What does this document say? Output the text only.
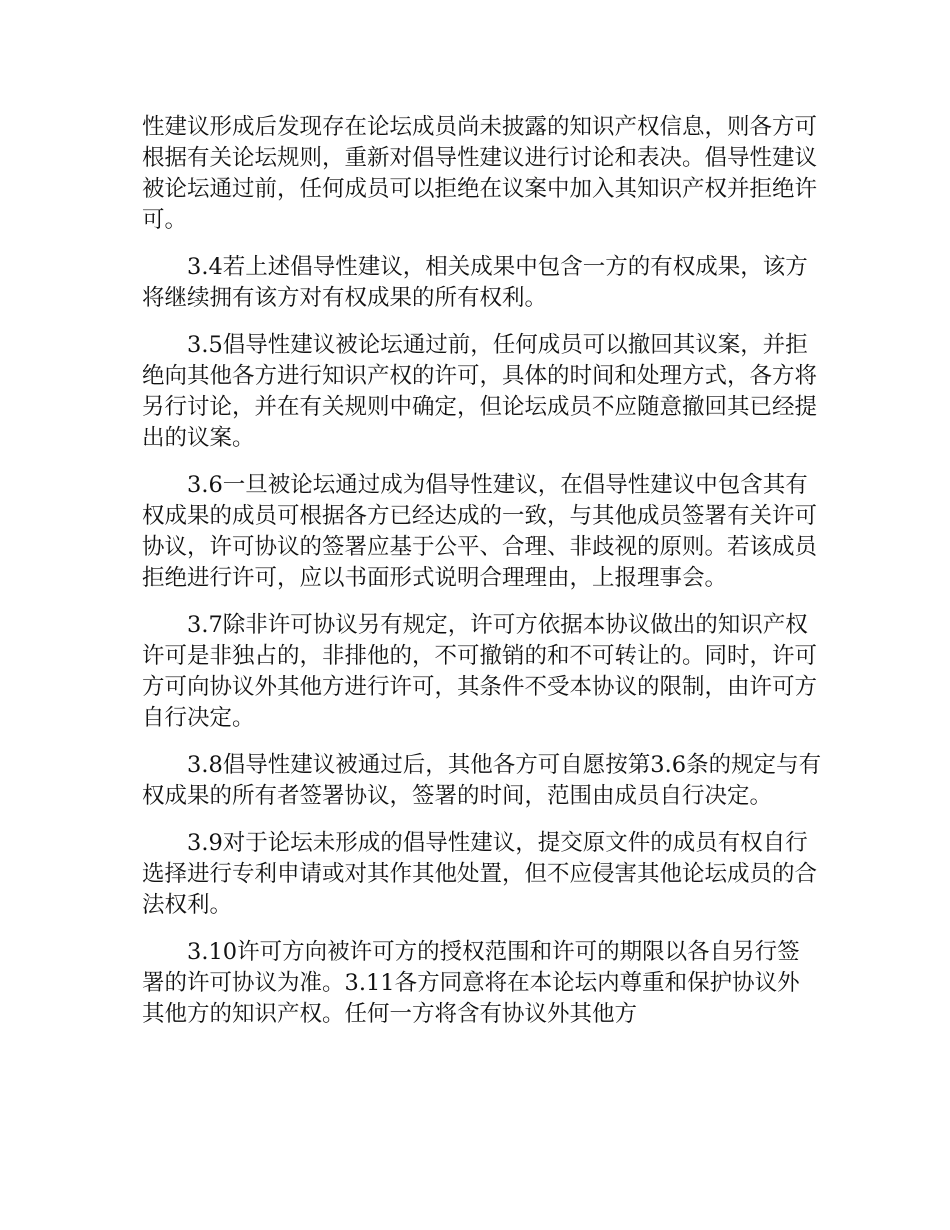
性建议形成后发现存在论坛成员尚未披露的知识产权信息，则各方可根据有关论坛规则，重新对倡导性建议进行讨论和表决。倡导性建议被论坛通过前，任何成员可以拒绝在议案中加入其知识产权并拒绝许可。

3.4若上述倡导性建议，相关成果中包含一方的有权成果，该方将继续拥有该方对有权成果的所有权利。

3.5倡导性建议被论坛通过前，任何成员可以撤回其议案，并拒绝向其他各方进行知识产权的许可，具体的时间和处理方式，各方将另行讨论，并在有关规则中确定，但论坛成员不应随意撤回其已经提出的议案。

3.6一旦被论坛通过成为倡导性建议，在倡导性建议中包含其有权成果的成员可根据各方已经达成的一致，与其他成员签署有关许可协议，许可协议的签署应基于公平、合理、非歧视的原则。若该成员拒绝进行许可，应以书面形式说明合理理由，上报理事会。

3.7除非许可协议另有规定，许可方依据本协议做出的知识产权许可是非独占的，非排他的，不可撤销的和不可转让的。同时，许可方可向协议外其他方进行许可，其条件不受本协议的限制，由许可方自行决定。

3.8倡导性建议被通过后，其他各方可自愿按第3.6条的规定与有权成果的所有者签署协议，签署的时间，范围由成员自行决定。

3.9对于论坛未形成的倡导性建议，提交原文件的成员有权自行选择进行专利申请或对其作其他处置，但不应侵害其他论坛成员的合法权利。

3.10许可方向被许可方的授权范围和许可的期限以各自另行签署的许可协议为准。3.11各方同意将在本论坛内尊重和保护协议外其他方的知识产权。任何一方将含有协议外其他方
